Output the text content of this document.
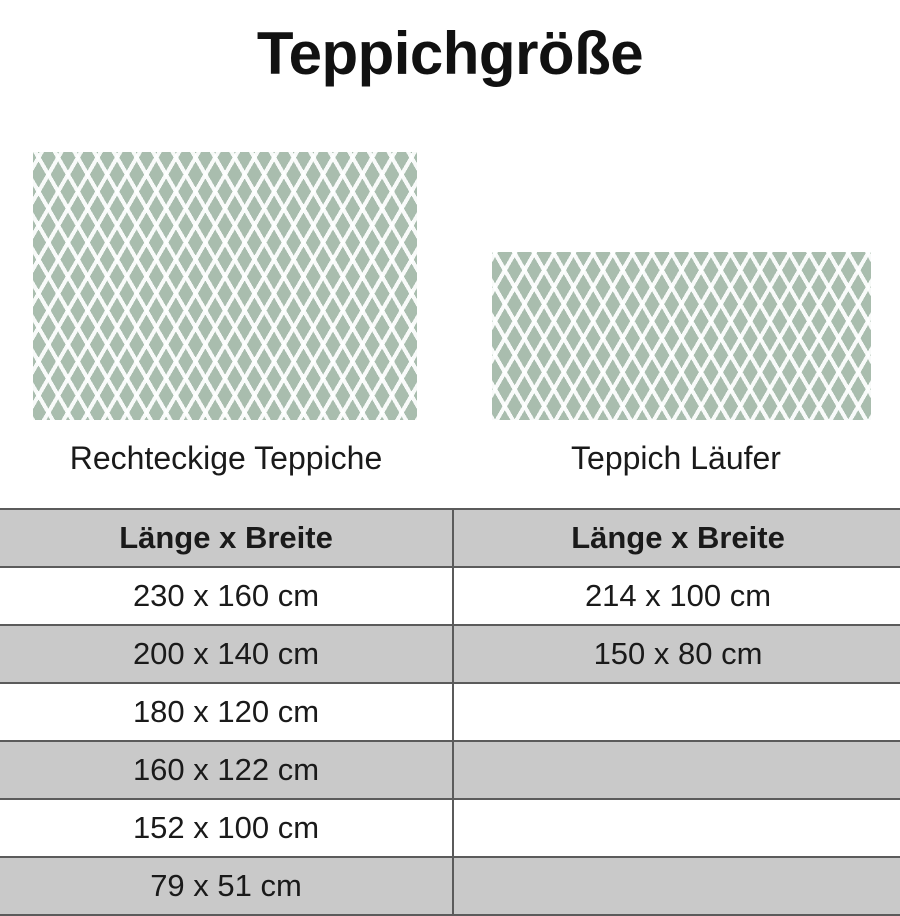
Teppichgröße
Rechteckige Teppiche	Teppich Läufer
Länge x Breite	Länge x Breite
230 x 160 cm	214 x 100 cm
200 x 140 cm	150 x 80 cm
180 x 120 cm	
160 x 122 cm	
152 x 100 cm	
79 x 51 cm	
